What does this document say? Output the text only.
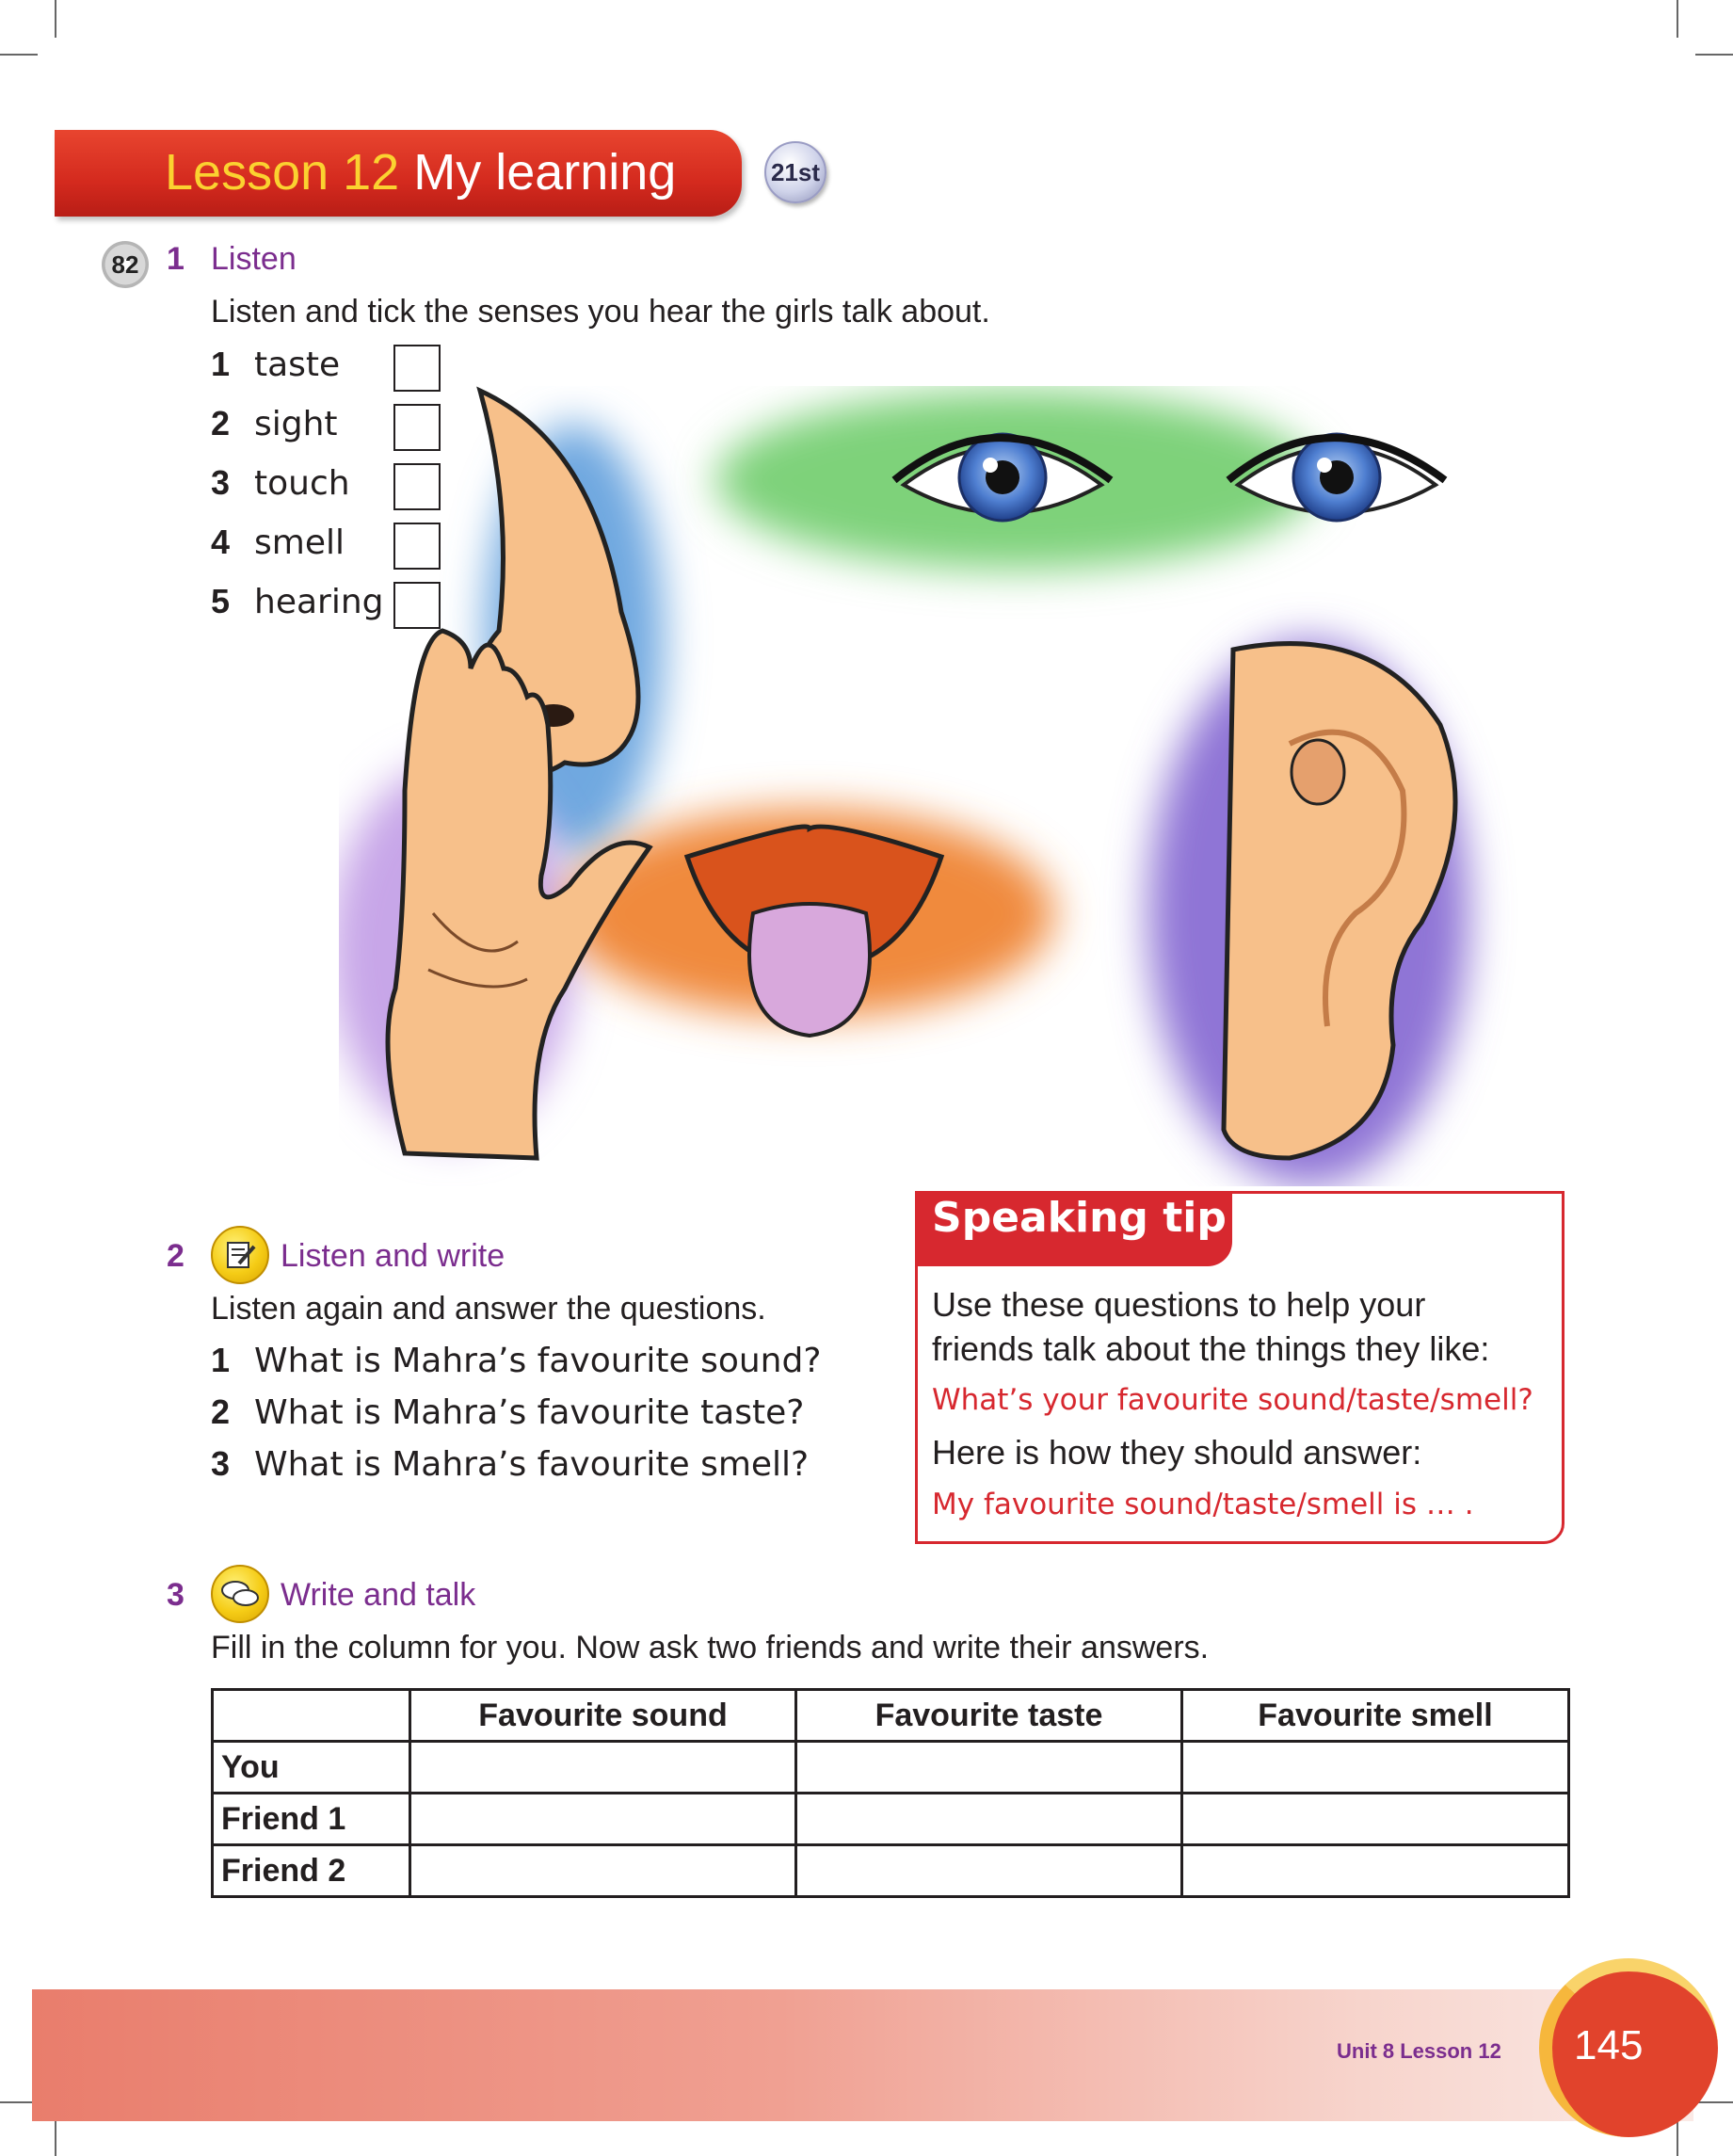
Lesson 12 My learning	21st
82 1 Listen
Listen and tick the senses you hear the girls talk about.
1 taste
2 sight
3 touch
4 smell
5 hearing
2	Listen and write
Listen again and answer the questions.
1 What is Mahra’s favourite sound?
2 What is Mahra’s favourite taste?
3 What is Mahra’s favourite smell?
Speaking tip
Use these questions to help your
friends talk about the things they like:
What’s your favourite sound/taste/smell?
Here is how they should answer:
My favourite sound/taste/smell is … .
3	Write and talk
Fill in the column for you. Now ask two friends and write their answers.
	Favourite sound	Favourite taste	Favourite smell
You			
Friend 1			
Friend 2			
145
Unit 8 Lesson 12
